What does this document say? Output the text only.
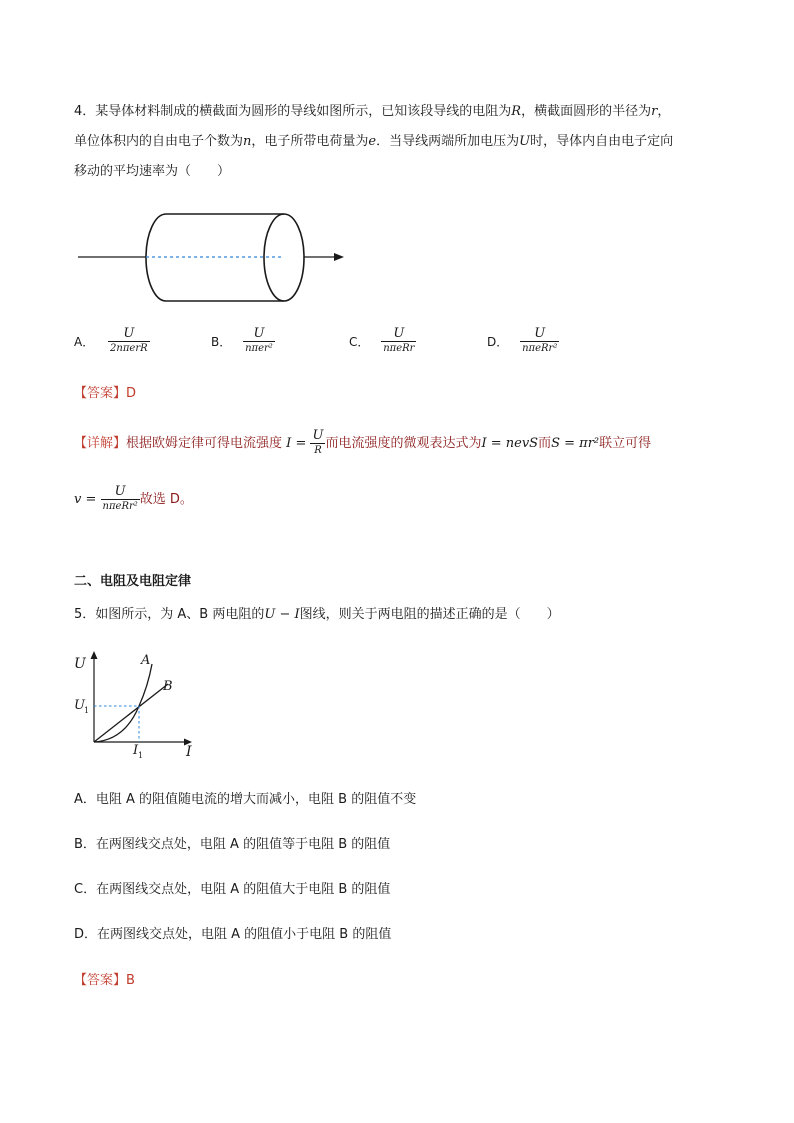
4．某导体材料制成的横截面为圆形的导线如图所示，已知该段导线的电阻为R，横截面圆形的半径为r，
单位体积内的自由电子个数为n，电子所带电荷量为e．当导线两端所加电压为U时，导体内自由电子定向
移动的平均速率为（　　）
A． $\frac{U}{\text{2nπerR}}$	B． $\frac{U}{\text{nπer²}}$	C． $\frac{U}{\text{nπeRr}}$	D． $\frac{U}{\text{nπeRr²}}$
【答案】D
【详解】根据欧姆定律可得电流强度 $I = \frac{U}{R}$ 而电流强度的微观表达式为I = nevS而S = πr²联立可得
$v = \frac{U}{\text{nπeRr²}}$ 故选 D。
二、电阻及电阻定律
5．如图所示，为 A、B 两电阻的U − I图线，则关于两电阻的描述正确的是（　　）
U
I
A
B
U 1
I 1
A．电阻 A 的阻值随电流的增大而减小，电阻 B 的阻值不变
B．在两图线交点处，电阻 A 的阻值等于电阻 B 的阻值
C．在两图线交点处，电阻 A 的阻值大于电阻 B 的阻值
D．在两图线交点处，电阻 A 的阻值小于电阻 B 的阻值
【答案】B
